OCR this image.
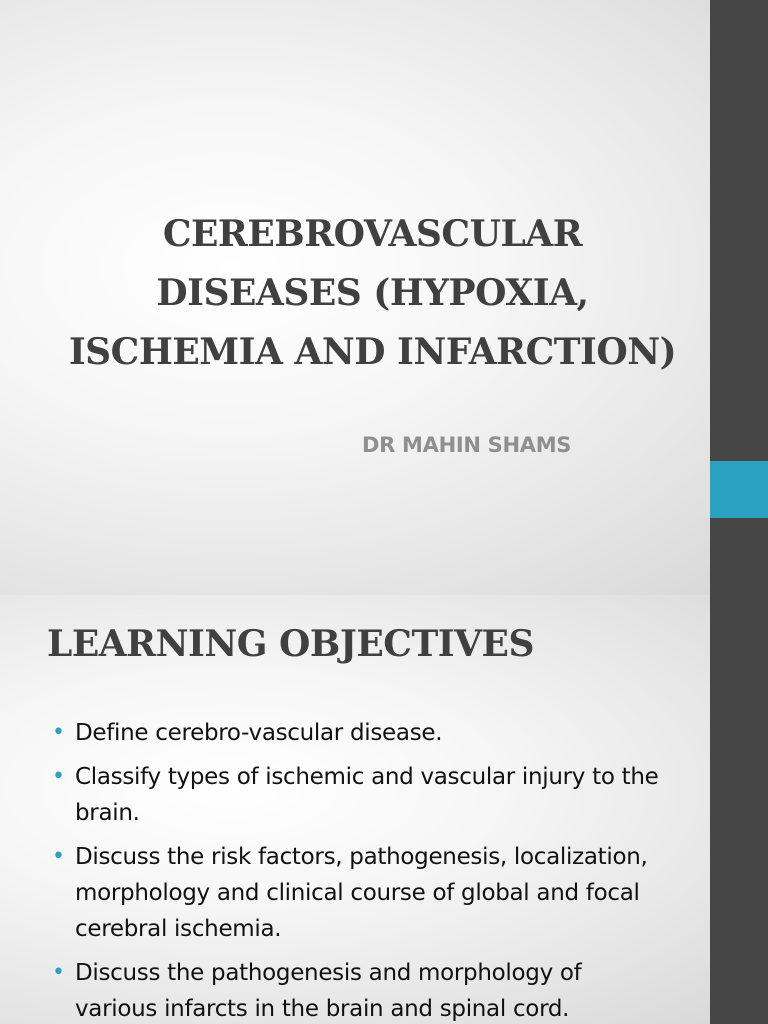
CEREBROVASCULAR
DISEASES (HYPOXIA,
ISCHEMIA AND INFARCTION)

DR MAHIN SHAMS

LEARNING OBJECTIVES
• Define cerebro-vascular disease.
• Classify types of ischemic and vascular injury to the brain.
• Discuss the risk factors, pathogenesis, localization, morphology and clinical course of global and focal cerebral ischemia.
• Discuss the pathogenesis and morphology of various infarcts in the brain and spinal cord.
